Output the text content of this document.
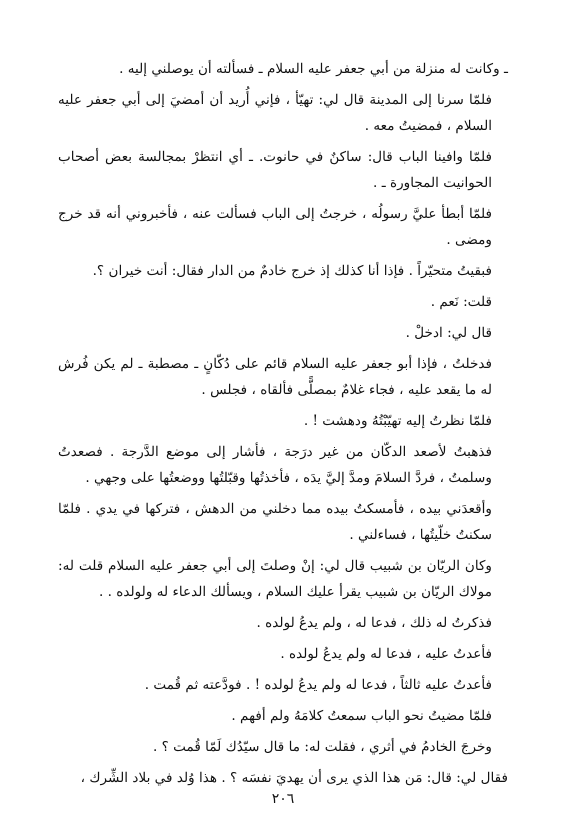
ـ وكانت له منزلة من أبي جعفر عليه السلام ـ فسألته أن يوصلني إليه .

فلمّا سرنا إلى المدينة قال لي: تهيّأ ، فإني أُريد أن أمضيَ إلى أبي جعفر عليه السلام ، فمضيتُ معه .

فلمّا وافينا الباب قال: ساكنٌ في حانوت. ـ أي انتظرْ بمجالسة بعض أصحاب الحوانيت المجاورة ـ .

فلمّا أبطأ عليَّ رسولُه ، خرجتُ إلى الباب فسألت عنه ، فأخبروني أنه قد خرج ومضى .

فبقيتُ متحيّراً . فإذا أنا كذلك إذ خرج خادمٌ من الدار فقال: أنت خيران ؟.

قلت: نَعم .

قال لي: ادخلْ .

فدخلتُ ، فإذا أبو جعفر عليه السلام قائم على دُكّانٍ ـ مصطبة ـ لم يكن فُرش له ما يقعد عليه ، فجاء غلامٌ بمصلًّى فألقاه ، فجلس .

فلمّا نظرتُ إليه تهيّبْتُهُ ودهشت ! .

فذهبتُ لأصعد الدكّان من غير درَجة ، فأشار إلى موضع الدَّرجة . فصعدتُ وسلمتُ ، فردَّ السلامَ ومدَّ إليَّ يدَه ، فأخذتُها وقبّلتُها ووضعتُها على وجهي .

وأقعدَني بيده ، فأمسكتُ بيده مما دخلني من الدهش ، فتركها في يدي . فلمّا سكنتُ خلّيتُها ، فساءلني .

وكان الريّان بن شبيب قال لي: إنْ وصلتَ إلى أبي جعفر عليه السلام قلت له: مولاك الريّان بن شبيب يقرأ عليك السلام ، ويسألك الدعاء له ولولده . .

فذكرتُ له ذلك ، فدعا له ، ولم يدعُ لولده .

فأعدتُ عليه ، فدعا له ولم يدعُ لولده .

فأعدتُ عليه ثالثاً ، فدعا له ولم يدعُ لولده ! . فودَّعته ثم قُمت .

فلمّا مضيتُ نحو الباب سمعتُ كلامَهُ ولم أفهم .

وخرجَ الخادمُ في أثري ، فقلت له: ما قال سيّدُك لَمّا قُمت ؟ .

فقال لي: قال: مَن هذا الذي يرى أن يهديَ نفسَه ؟ . هذا وُلد في بلاد الشِّرك ،

٢٠٦
